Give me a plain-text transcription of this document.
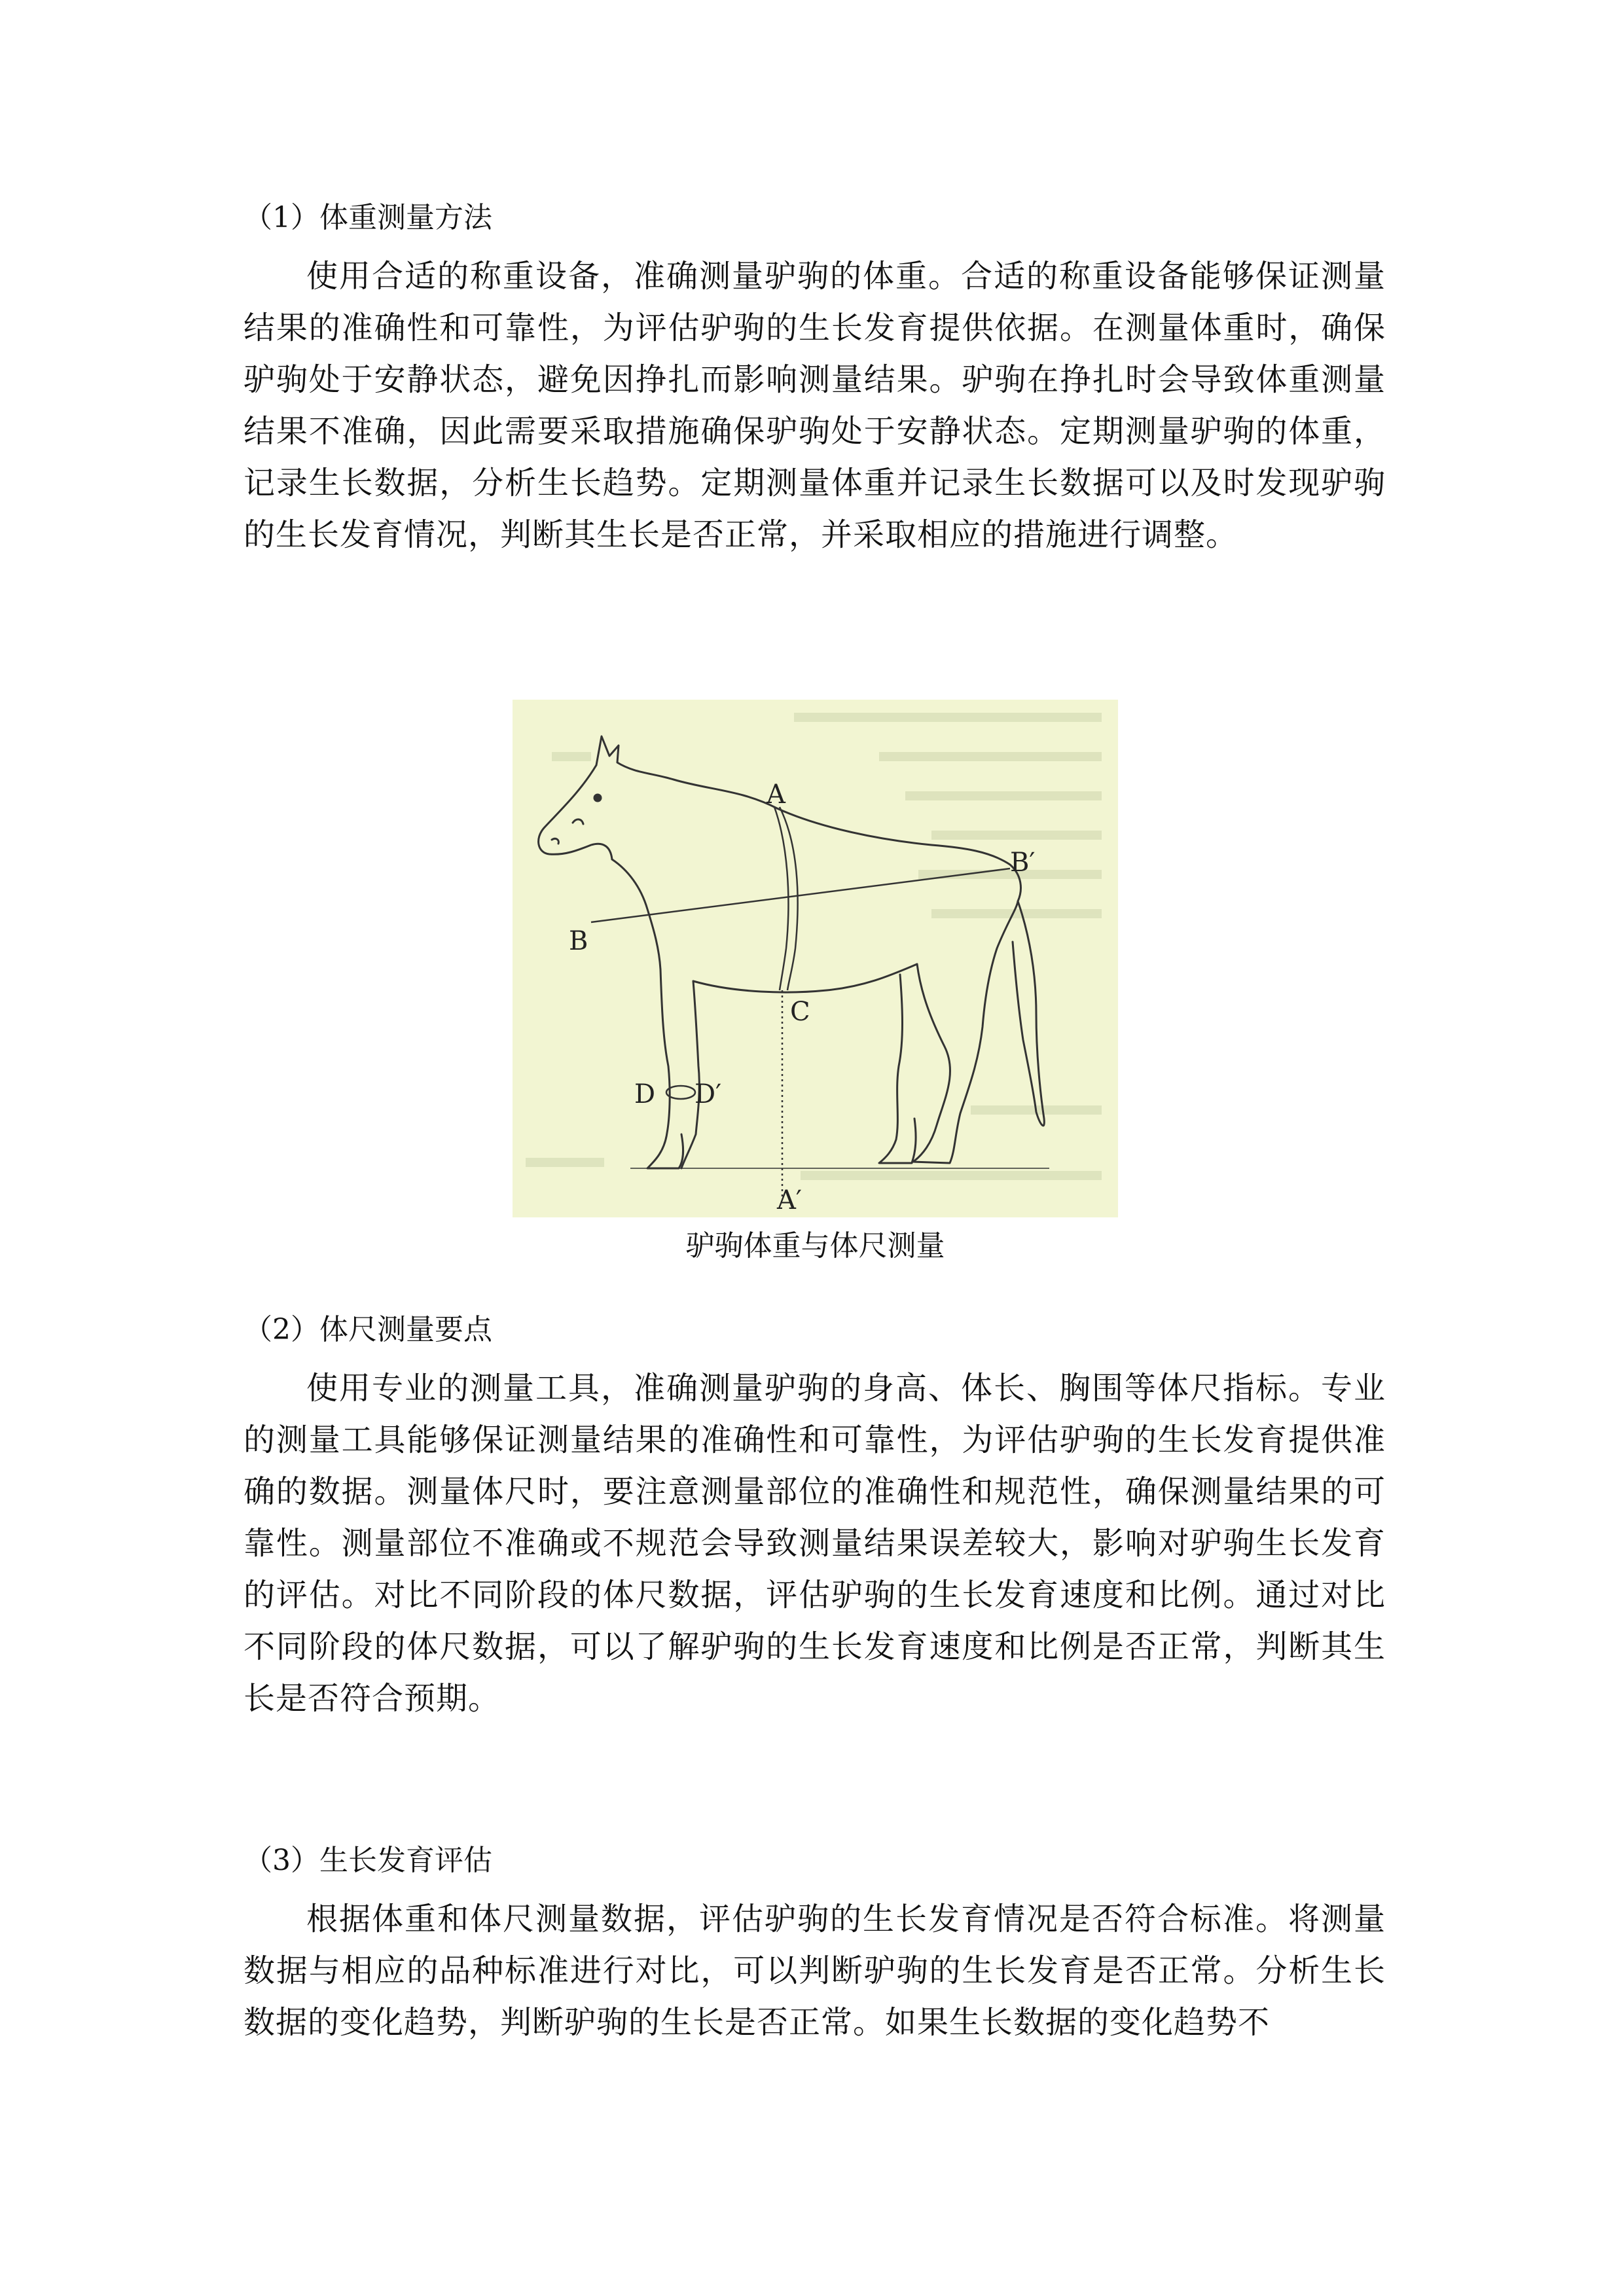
（1）体重测量方法
使用合适的称重设备，准确测量驴驹的体重。合适的称重设备能够保证测量结果的准确性和可靠性，为评估驴驹的生长发育提供依据。在测量体重时，确保驴驹处于安静状态，避免因挣扎而影响测量结果。驴驹在挣扎时会导致体重测量结果不准确，因此需要采取措施确保驴驹处于安静状态。定期测量驴驹的体重，记录生长数据，分析生长趋势。定期测量体重并记录生长数据可以及时发现驴驹的生长发育情况，判断其生长是否正常，并采取相应的措施进行调整。
A
A′
B
B′
C
D D′
驴驹体重与体尺测量
（2）体尺测量要点
使用专业的测量工具，准确测量驴驹的身高、体长、胸围等体尺指标。专业的测量工具能够保证测量结果的准确性和可靠性，为评估驴驹的生长发育提供准确的数据。测量体尺时，要注意测量部位的准确性和规范性，确保测量结果的可靠性。测量部位不准确或不规范会导致测量结果误差较大，影响对驴驹生长发育的评估。对比不同阶段的体尺数据，评估驴驹的生长发育速度和比例。通过对比不同阶段的体尺数据，可以了解驴驹的生长发育速度和比例是否正常，判断其生长是否符合预期。
（3）生长发育评估
根据体重和体尺测量数据，评估驴驹的生长发育情况是否符合标准。将测量数据与相应的品种标准进行对比，可以判断驴驹的生长发育是否正常。分析生长数据的变化趋势，判断驴驹的生长是否正常。如果生长数据的变化趋势不
